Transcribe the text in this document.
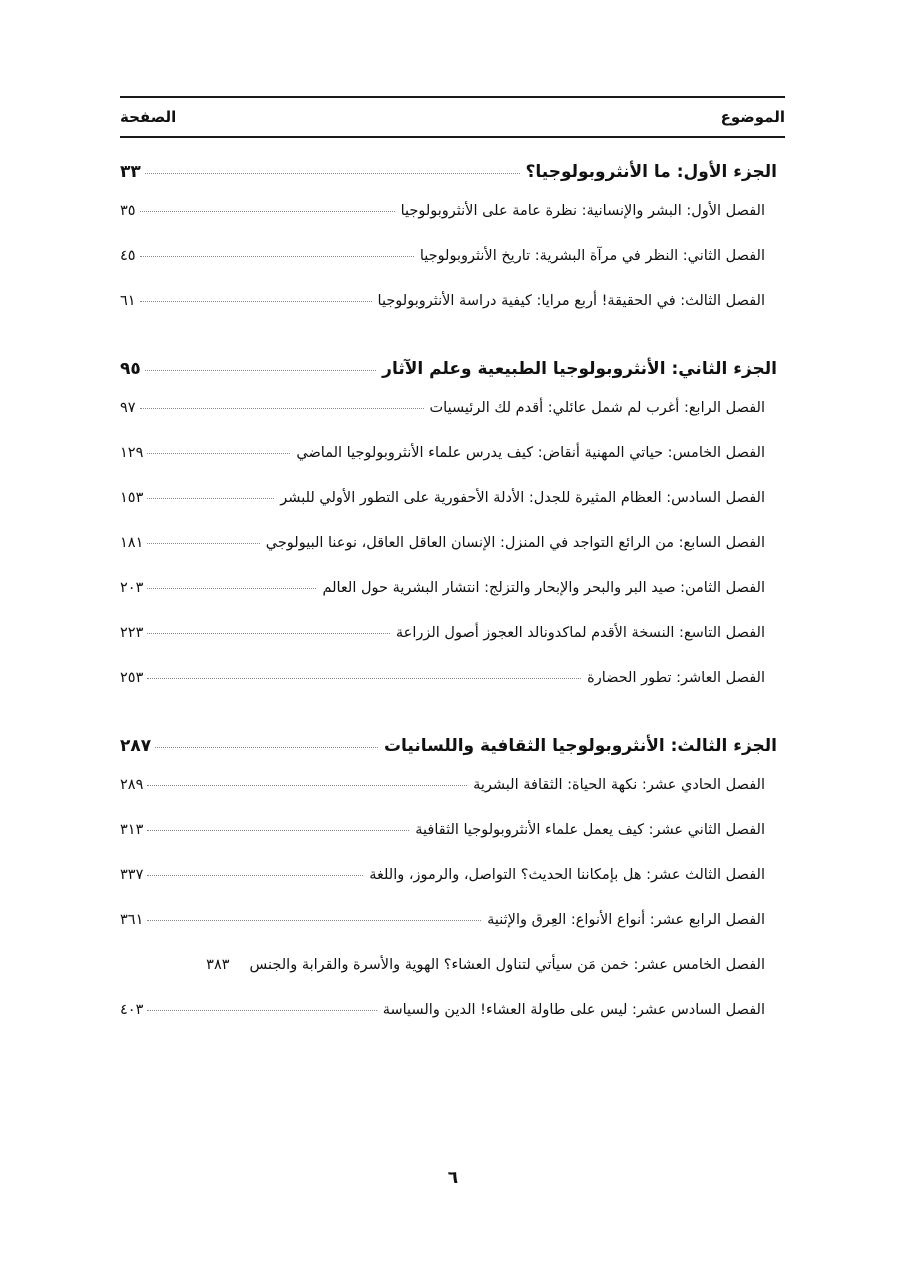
الموضوع
الصفحة
الجزء الأول: ما الأنثروبولوجيا؟
٣٣
الفصل الأول: البشر والإنسانية: نظرة عامة على الأنثروبولوجيا
٣٥
الفصل الثاني: النظر في مرآة البشرية: تاريخ الأنثروبولوجيا
٤٥
الفصل الثالث: في الحقيقة! أربع مرايا: كيفية دراسة الأنثروبولوجيا
٦١
الجزء الثاني: الأنثروبولوجيا الطبيعية وعلم الآثار
٩٥
الفصل الرابع: أغرب لم شمل عائلي: أقدم لك الرئيسيات
٩٧
الفصل الخامس: حياتي المهنية أنقاض: كيف يدرس علماء الأنثروبولوجيا الماضي
١٢٩
الفصل السادس: العظام المثيرة للجدل: الأدلة الأحفورية على التطور الأولي للبشر
١٥٣
الفصل السابع: من الرائع التواجد في المنزل: الإنسان العاقل العاقل، نوعنا البيولوجي
١٨١
الفصل الثامن: صيد البر والبحر والإبحار والتزلج: انتشار البشرية حول العالم
٢٠٣
الفصل التاسع: النسخة الأقدم لماكدونالد العجوز أصول الزراعة
٢٢٣
الفصل العاشر: تطور الحضارة
٢٥٣
الجزء الثالث: الأنثروبولوجيا الثقافية واللسانيات
٢٨٧
الفصل الحادي عشر: نكهة الحياة: الثقافة البشرية
٢٨٩
الفصل الثاني عشر: كيف يعمل علماء الأنثروبولوجيا الثقافية
٣١٣
الفصل الثالث عشر: هل بإمكاننا الحديث؟ التواصل، والرموز، واللغة
٣٣٧
الفصل الرابع عشر: أنواع الأنواع: العِرق والإثنية
٣٦١
الفصل الخامس عشر: خمن مَن سيأتي لتناول العشاء؟ الهوية والأسرة والقرابة والجنس
٣٨٣
الفصل السادس عشر: ليس على طاولة العشاء! الدين والسياسة
٤٠٣
٦
